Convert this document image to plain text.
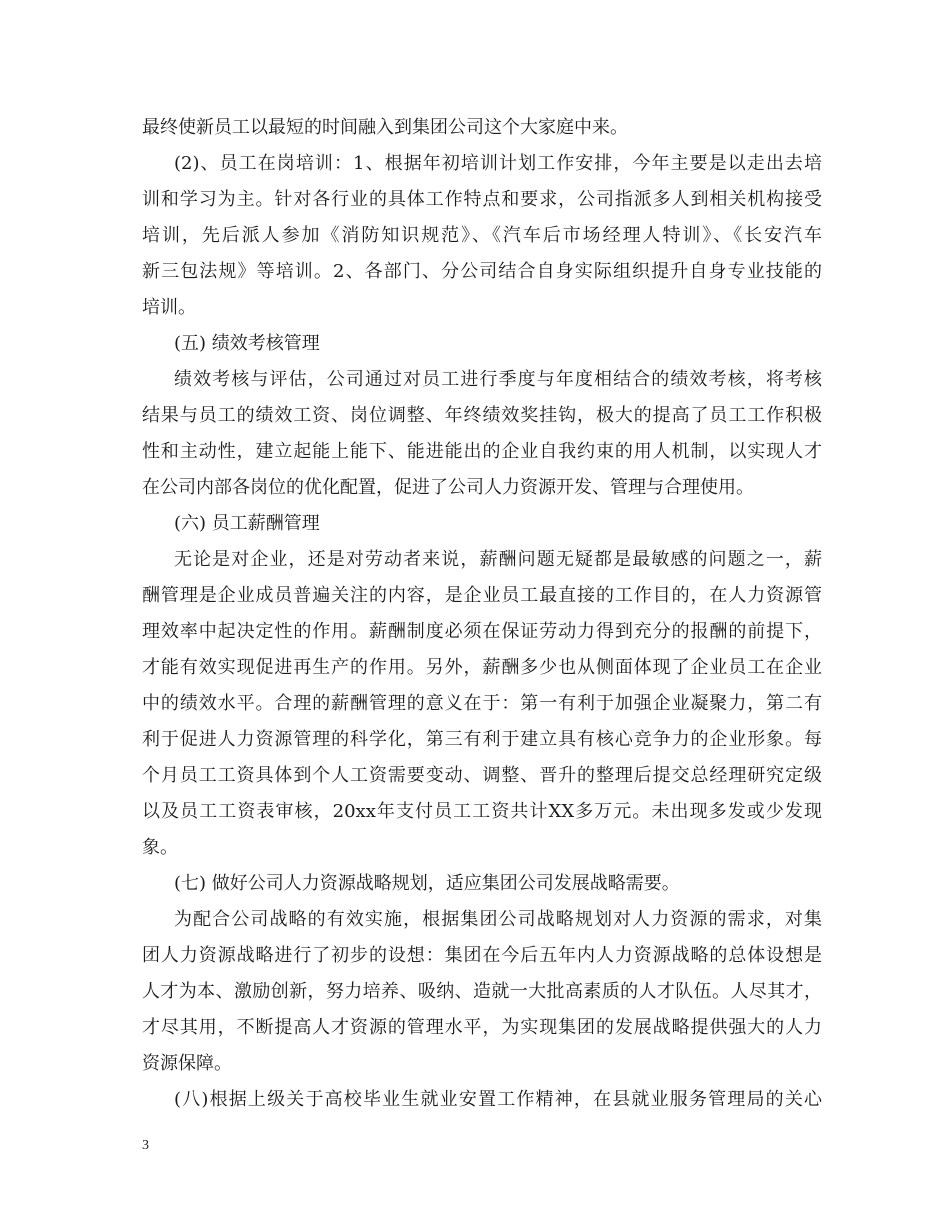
最终使新员工以最短的时间融入到集团公司这个大家庭中来。
(2)、员工在岗培训：1、根据年初培训计划工作安排，今年主要是以走出去培
训和学习为主。针对各行业的具体工作特点和要求，公司指派多人到相关机构接受
培训，先后派人参加《消防知识规范》、《汽车后市场经理人特训》、《长安汽车
新三包法规》等培训。2、各部门、分公司结合自身实际组织提升自身专业技能的
培训。
(五) 绩效考核管理
绩效考核与评估，公司通过对员工进行季度与年度相结合的绩效考核，将考核
结果与员工的绩效工资、岗位调整、年终绩效奖挂钩，极大的提高了员工工作积极
性和主动性，建立起能上能下、能进能出的企业自我约束的用人机制，以实现人才
在公司内部各岗位的优化配置，促进了公司人力资源开发、管理与合理使用。
(六) 员工薪酬管理
无论是对企业，还是对劳动者来说，薪酬问题无疑都是最敏感的问题之一，薪
酬管理是企业成员普遍关注的内容，是企业员工最直接的工作目的，在人力资源管
理效率中起决定性的作用。薪酬制度必须在保证劳动力得到充分的报酬的前提下，
才能有效实现促进再生产的作用。另外，薪酬多少也从侧面体现了企业员工在企业
中的绩效水平。合理的薪酬管理的意义在于：第一有利于加强企业凝聚力，第二有
利于促进人力资源管理的科学化，第三有利于建立具有核心竞争力的企业形象。每
个月员工工资具体到个人工资需要变动、调整、晋升的整理后提交总经理研究定级
以及员工工资表审核，20xx年支付员工工资共计XX多万元。未出现多发或少发现
象。
(七) 做好公司人力资源战略规划，适应集团公司发展战略需要。
为配合公司战略的有效实施，根据集团公司战略规划对人力资源的需求，对集
团人力资源战略进行了初步的设想：集团在今后五年内人力资源战略的总体设想是
人才为本、激励创新，努力培养、吸纳、造就一大批高素质的人才队伍。人尽其才，
才尽其用，不断提高人才资源的管理水平，为实现集团的发展战略提供强大的人力
资源保障。
(八)根据上级关于高校毕业生就业安置工作精神，在县就业服务管理局的关心
3
